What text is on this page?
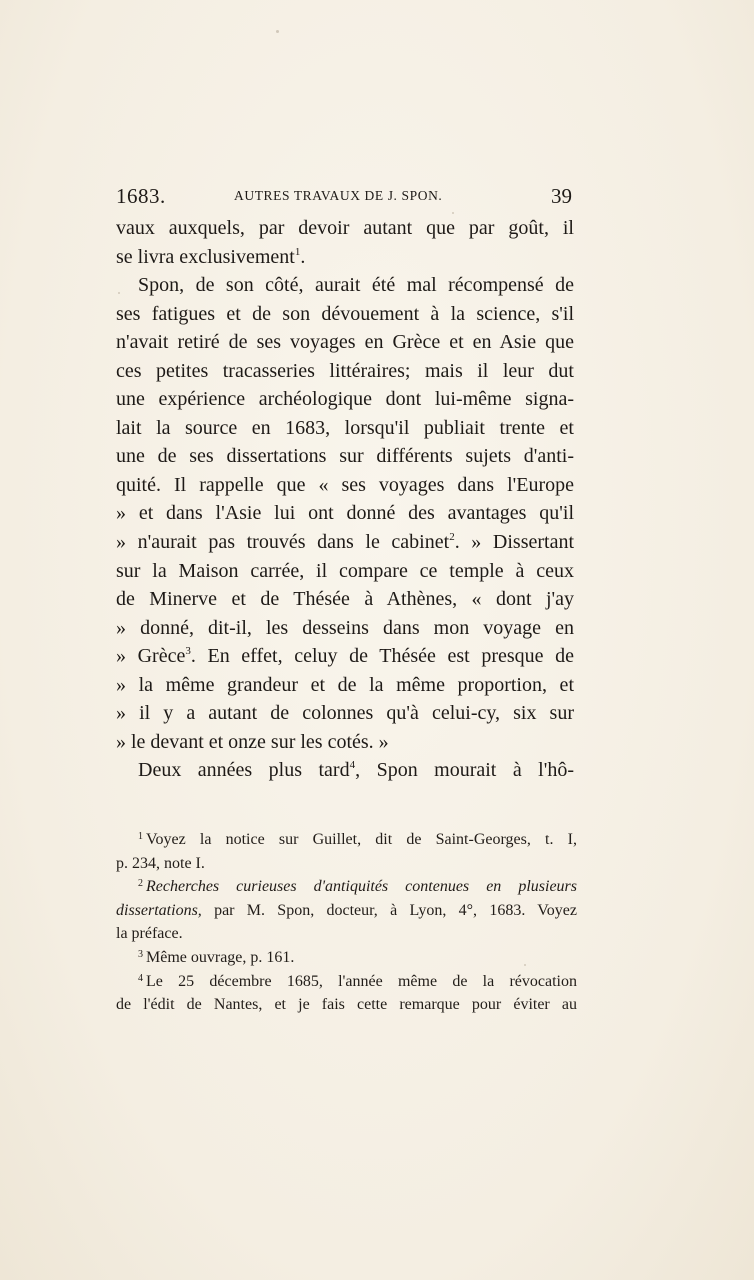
1683.	AUTRES TRAVAUX DE J. SPON.	39
vaux auxquels, par devoir autant que par goût, il
se livra exclusivement$^1$.
Spon, de son côté, aurait été mal récompensé de
ses fatigues et de son dévouement à la science, s'il
n'avait retiré de ses voyages en Grèce et en Asie que
ces petites tracasseries littéraires; mais il leur dut
une expérience archéologique dont lui-même signa-
lait la source en 1683, lorsqu'il publiait trente et
une de ses dissertations sur différents sujets d'anti-
quité. Il rappelle que « ses voyages dans l'Europe
» et dans l'Asie lui ont donné des avantages qu'il
» n'aurait pas trouvés dans le cabinet$^2$. » Dissertant
sur la Maison carrée, il compare ce temple à ceux
de Minerve et de Thésée à Athènes, « dont j'ay
» donné, dit-il, les desseins dans mon voyage en
» Grèce$^3$. En effet, celuy de Thésée est presque de
» la même grandeur et de la même proportion, et
» il y a autant de colonnes qu'à celui-cy, six sur
» le devant et onze sur les cotés. »
Deux années plus tard$^4$, Spon mourait à l'hô-
$^1$ Voyez la notice sur Guillet, dit de Saint-Georges, t. I,
p. 234, note I.
$^2$ Recherches curieuses d'antiquités contenues en plusieurs
dissertations, par M. Spon, docteur, à Lyon, 4°, 1683. Voyez
la préface.
$^3$ Même ouvrage, p. 161.
$^4$ Le 25 décembre 1685, l'année même de la révocation
de l'édit de Nantes, et je fais cette remarque pour éviter au
